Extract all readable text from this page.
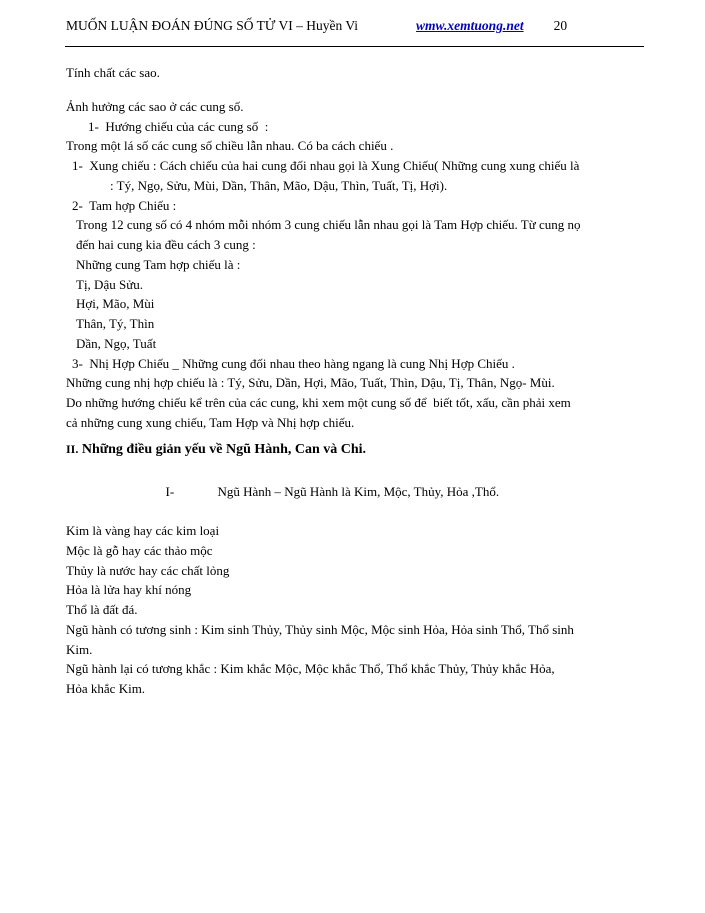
MUỐN LUẬN ĐOÁN ĐÚNG SỐ TỬ VI – Huyền Vi	wmw.xemtuong.net 20
Tính chất các sao.
Ảnh hưởng các sao ở các cung số.
1-  Hướng chiếu của các cung số  :
Trong một lá số các cung số chiều lẫn nhau. Có ba cách chiếu .
1-  Xung chiếu : Cách chiếu của hai cung đối nhau gọi là Xung Chiếu( Những cung xung chiếu là
: Tý, Ngọ, Sửu, Mùi, Dần, Thân, Mão, Dậu, Thìn, Tuất, Tị, Hợi).
2-  Tam hợp Chiếu :
Trong 12 cung số có 4 nhóm mỗi nhóm 3 cung chiếu lẫn nhau gọi là Tam Hợp chiếu. Từ cung nọ
đến hai cung kia đều cách 3 cung :
Những cung Tam hợp chiếu là :
Tị, Dậu Sửu.
Hợi, Mão, Mùi
Thân, Tý, Thìn
Dần, Ngọ, Tuất
3-  Nhị Hợp Chiếu _ Những cung đối nhau theo hàng ngang là cung Nhị Hợp Chiếu .
Những cung nhị hợp chiếu là : Tý, Sửu, Dần, Hợi, Mão, Tuất, Thìn, Dậu, Tị, Thân, Ngọ- Mùi.
Do những hướng chiếu kể trên của các cung, khi xem một cung số để  biết tốt, xấu, cần phải xem
cả những cung xung chiếu, Tam Hợp và Nhị hợp chiếu.
II. Những điều giản yếu về Ngũ Hành, Can và Chi.

I-	Ngũ Hành – Ngũ Hành là Kim, Mộc, Thủy, Hỏa ,Thổ.

Kim là vàng hay các kim loại
Mộc là gỗ hay các thảo mộc
Thủy là nước hay các chất lỏng
Hỏa là lửa hay khí nóng
Thổ là đất đá.
Ngũ hành có tương sinh : Kim sinh Thủy, Thủy sinh Mộc, Mộc sinh Hỏa, Hỏa sinh Thổ, Thổ sinh
Kim.
Ngũ hành lại có tương khắc : Kim khắc Mộc, Mộc khắc Thổ, Thổ khắc Thủy, Thủy khắc Hỏa,
Hỏa khắc Kim.
